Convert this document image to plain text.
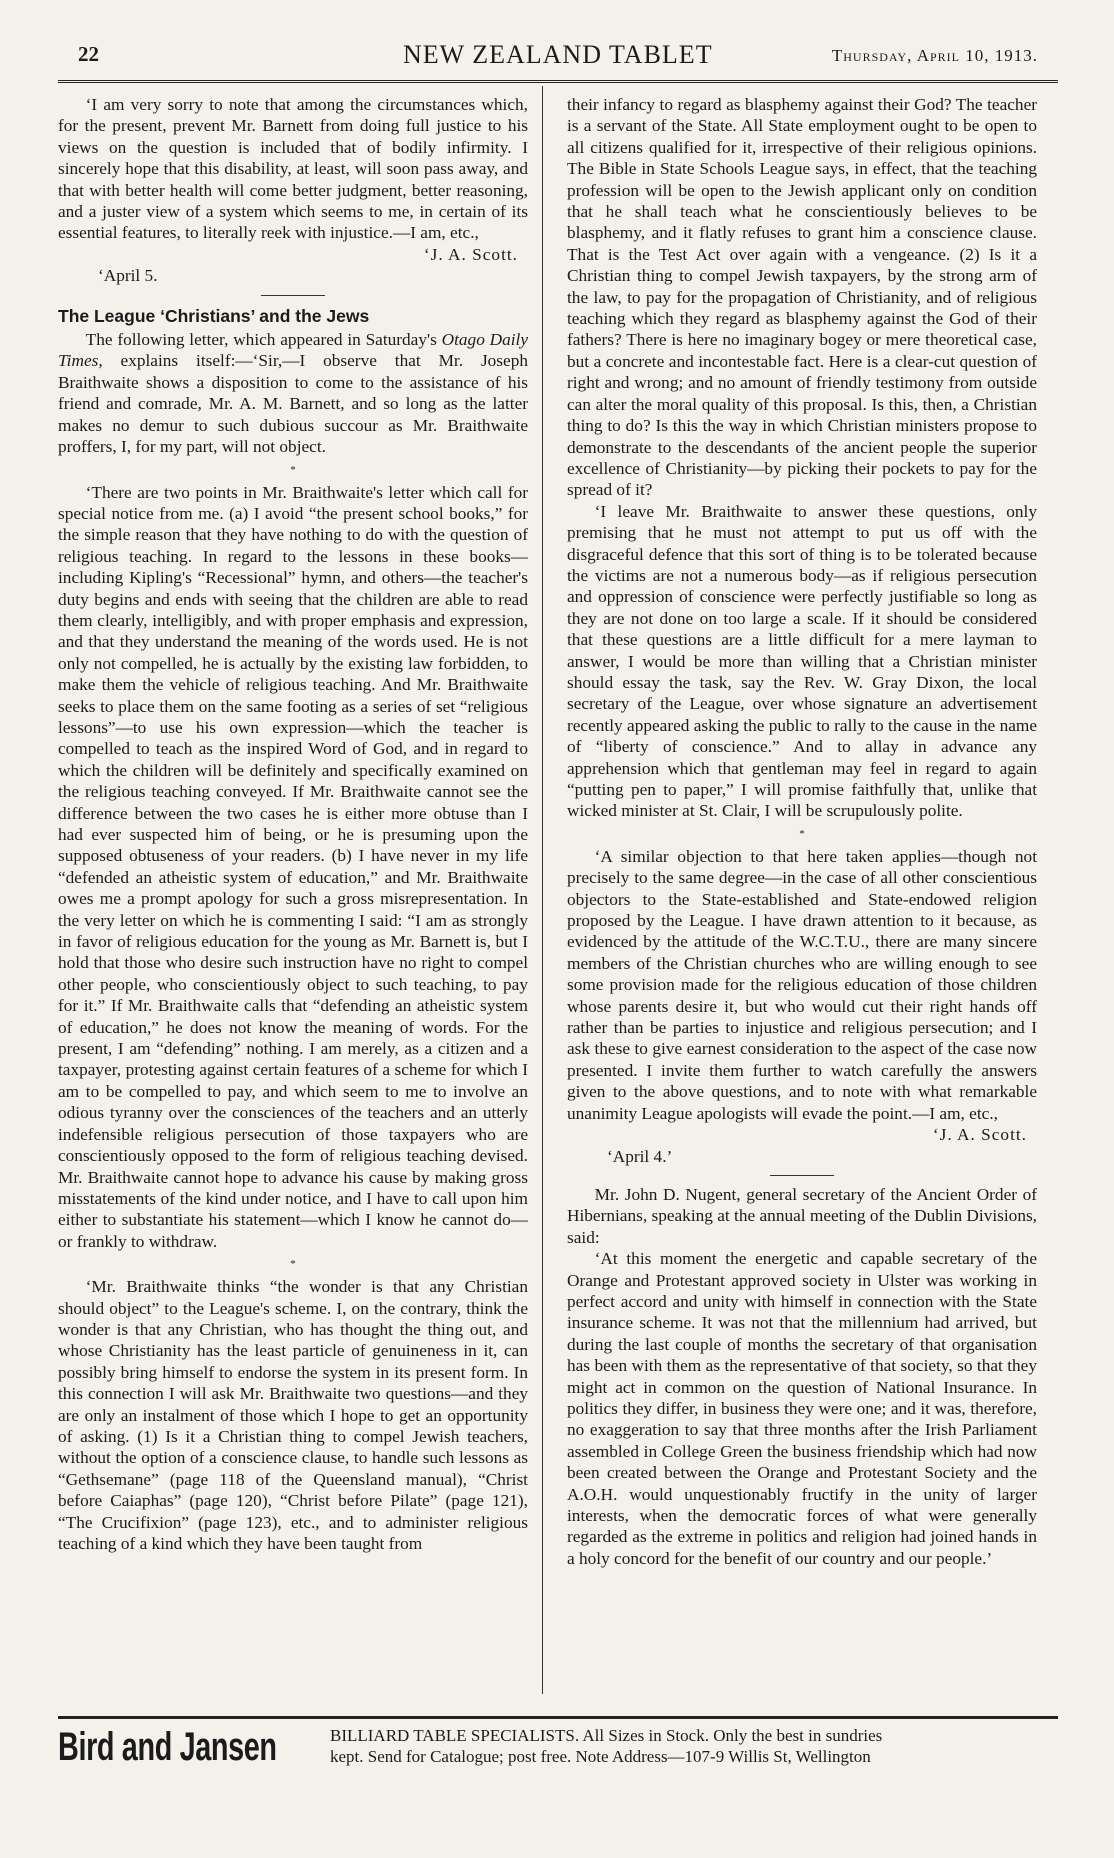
22	NEW ZEALAND TABLET	Thursday, April 10, 1913.

‘I am very sorry to note that among the circumstances which, for the present, prevent Mr. Barnett from doing full justice to his views on the question is included that of bodily infirmity. I sincerely hope that this disability, at least, will soon pass away, and that with better health will come better judgment, better reasoning, and a juster view of a system which seems to me, in certain of its essential features, to literally reek with injustice.—I am, etc.,

‘J. A. Scott.
‘April 5.
The League ‘Christians’ and the Jews

The following letter, which appeared in Saturday's Otago Daily Times, explains itself:—‘Sir,—I observe that Mr. Joseph Braithwaite shows a disposition to come to the assistance of his friend and comrade, Mr. A. M. Barnett, and so long as the latter makes no demur to such dubious succour as Mr. Braithwaite proffers, I, for my part, will not object.

*

‘There are two points in Mr. Braithwaite's letter which call for special notice from me. (a) I avoid “the present school books,” for the simple reason that they have nothing to do with the question of religious teaching. In regard to the lessons in these books—including Kipling's “Recessional” hymn, and others—the teacher's duty begins and ends with seeing that the children are able to read them clearly, intelligibly, and with proper emphasis and expression, and that they understand the meaning of the words used. He is not only not compelled, he is actually by the existing law forbidden, to make them the vehicle of religious teaching. And Mr. Braithwaite seeks to place them on the same footing as a series of set “religious lessons”—to use his own expression—which the teacher is compelled to teach as the inspired Word of God, and in regard to which the children will be definitely and specifically examined on the religious teaching conveyed. If Mr. Braithwaite cannot see the difference between the two cases he is either more obtuse than I had ever suspected him of being, or he is presuming upon the supposed obtuseness of your readers. (b) I have never in my life “defended an atheistic system of education,” and Mr. Braithwaite owes me a prompt apology for such a gross misrepresentation. In the very letter on which he is commenting I said: “I am as strongly in favor of religious education for the young as Mr. Barnett is, but I hold that those who desire such instruction have no right to compel other people, who conscientiously object to such teaching, to pay for it.” If Mr. Braithwaite calls that “defending an atheistic system of education,” he does not know the meaning of words. For the present, I am “defending” nothing. I am merely, as a citizen and a taxpayer, protesting against certain features of a scheme for which I am to be compelled to pay, and which seem to me to involve an odious tyranny over the consciences of the teachers and an utterly indefensible religious persecution of those taxpayers who are conscientiously opposed to the form of religious teaching devised. Mr. Braithwaite cannot hope to advance his cause by making gross misstatements of the kind under notice, and I have to call upon him either to substantiate his statement—which I know he cannot do—or frankly to withdraw.

*

‘Mr. Braithwaite thinks “the wonder is that any Christian should object” to the League's scheme. I, on the contrary, think the wonder is that any Christian, who has thought the thing out, and whose Christianity has the least particle of genuineness in it, can possibly bring himself to endorse the system in its present form. In this connection I will ask Mr. Braithwaite two questions—and they are only an instalment of those which I hope to get an opportunity of asking. (1) Is it a Christian thing to compel Jewish teachers, without the option of a conscience clause, to handle such lessons as “Gethsemane” (page 118 of the Queensland manual), “Christ before Caiaphas” (page 120), “Christ before Pilate” (page 121), “The Crucifixion” (page 123), etc., and to administer religious teaching of a kind which they have been taught from

their infancy to regard as blasphemy against their God? The teacher is a servant of the State. All State employment ought to be open to all citizens qualified for it, irrespective of their religious opinions. The Bible in State Schools League says, in effect, that the teaching profession will be open to the Jewish applicant only on condition that he shall teach what he conscientiously believes to be blasphemy, and it flatly refuses to grant him a conscience clause. That is the Test Act over again with a vengeance. (2) Is it a Christian thing to compel Jewish taxpayers, by the strong arm of the law, to pay for the propagation of Christianity, and of religious teaching which they regard as blasphemy against the God of their fathers? There is here no imaginary bogey or mere theoretical case, but a concrete and incontestable fact. Here is a clear-cut question of right and wrong; and no amount of friendly testimony from outside can alter the moral quality of this proposal. Is this, then, a Christian thing to do? Is this the way in which Christian ministers propose to demonstrate to the descendants of the ancient people the superior excellence of Christianity—by picking their pockets to pay for the spread of it?

‘I leave Mr. Braithwaite to answer these questions, only premising that he must not attempt to put us off with the disgraceful defence that this sort of thing is to be tolerated because the victims are not a numerous body—as if religious persecution and oppression of conscience were perfectly justifiable so long as they are not done on too large a scale. If it should be considered that these questions are a little difficult for a mere layman to answer, I would be more than willing that a Christian minister should essay the task, say the Rev. W. Gray Dixon, the local secretary of the League, over whose signature an advertisement recently appeared asking the public to rally to the cause in the name of “liberty of conscience.” And to allay in advance any apprehension which that gentleman may feel in regard to again “putting pen to paper,” I will promise faithfully that, unlike that wicked minister at St. Clair, I will be scrupulously polite.

*

‘A similar objection to that here taken applies—though not precisely to the same degree—in the case of all other conscientious objectors to the State-established and State-endowed religion proposed by the League. I have drawn attention to it because, as evidenced by the attitude of the W.C.T.U., there are many sincere members of the Christian churches who are willing enough to see some provision made for the religious education of those children whose parents desire it, but who would cut their right hands off rather than be parties to injustice and religious persecution; and I ask these to give earnest consideration to the aspect of the case now presented. I invite them further to watch carefully the answers given to the above questions, and to note with what remarkable unanimity League apologists will evade the point.—I am, etc.,

‘J. A. Scott.
‘April 4.’

Mr. John D. Nugent, general secretary of the Ancient Order of Hibernians, speaking at the annual meeting of the Dublin Divisions, said:

‘At this moment the energetic and capable secretary of the Orange and Protestant approved society in Ulster was working in perfect accord and unity with himself in connection with the State insurance scheme. It was not that the millennium had arrived, but during the last couple of months the secretary of that organisation has been with them as the representative of that society, so that they might act in common on the question of National Insurance. In politics they differ, in business they were one; and it was, therefore, no exaggeration to say that three months after the Irish Parliament assembled in College Green the business friendship which had now been created between the Orange and Protestant Society and the A.O.H. would unquestionably fructify in the unity of larger interests, when the democratic forces of what were generally regarded as the extreme in politics and religion had joined hands in a holy concord for the benefit of our country and our people.’

Bird and Jansen	BILLIARD TABLE SPECIALISTS. All Sizes in Stock. Only the best in sundries
kept. Send for Catalogue; post free. Note Address—107-9 Willis St, Wellington
